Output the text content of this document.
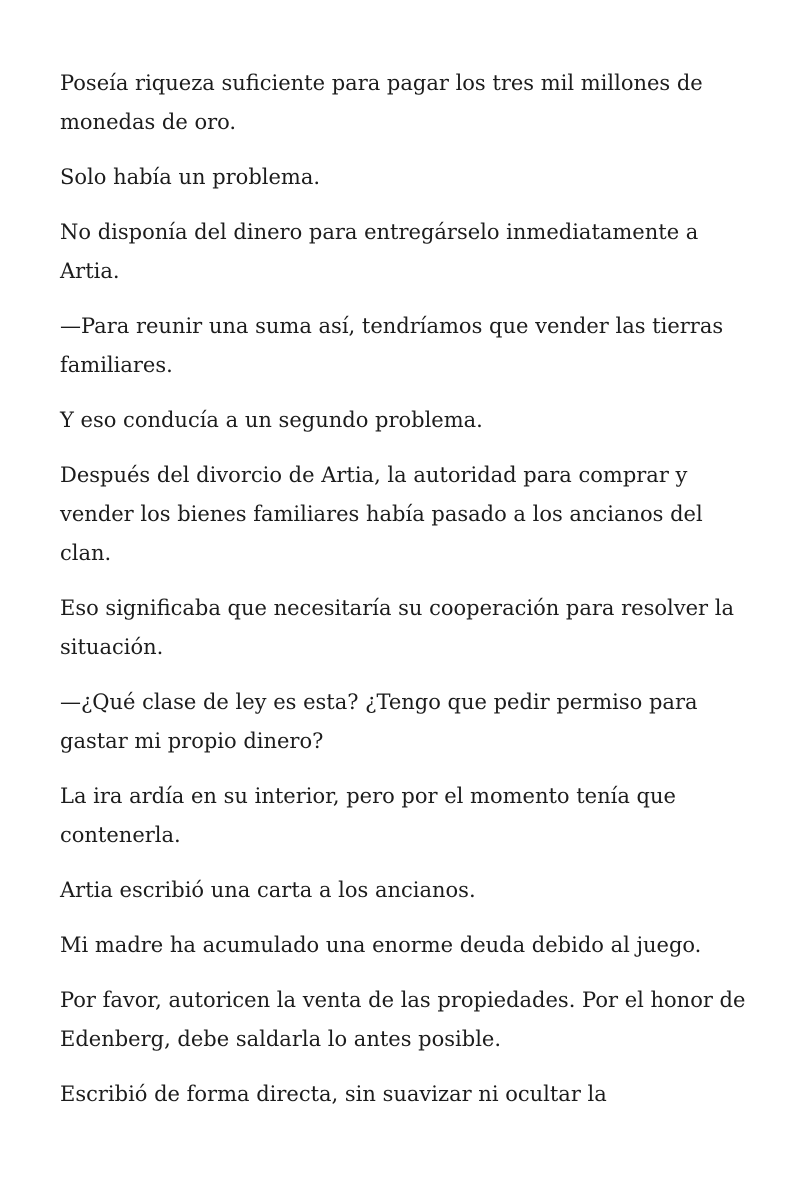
Poseía riqueza suficiente para pagar los tres mil millones de monedas de oro.

Solo había un problema.

No disponía del dinero para entregárselo inmediatamente a Artia.

—Para reunir una suma así, tendríamos que vender las tierras familiares.

Y eso conducía a un segundo problema.

Después del divorcio de Artia, la autoridad para comprar y vender los bienes familiares había pasado a los ancianos del clan.

Eso significaba que necesitaría su cooperación para resolver la situación.

—¿Qué clase de ley es esta? ¿Tengo que pedir permiso para gastar mi propio dinero?

La ira ardía en su interior, pero por el momento tenía que contenerla.

Artia escribió una carta a los ancianos.

Mi madre ha acumulado una enorme deuda debido al juego.

Por favor, autoricen la venta de las propiedades. Por el honor de Edenberg, debe saldarla lo antes posible.

Escribió de forma directa, sin suavizar ni ocultar la
